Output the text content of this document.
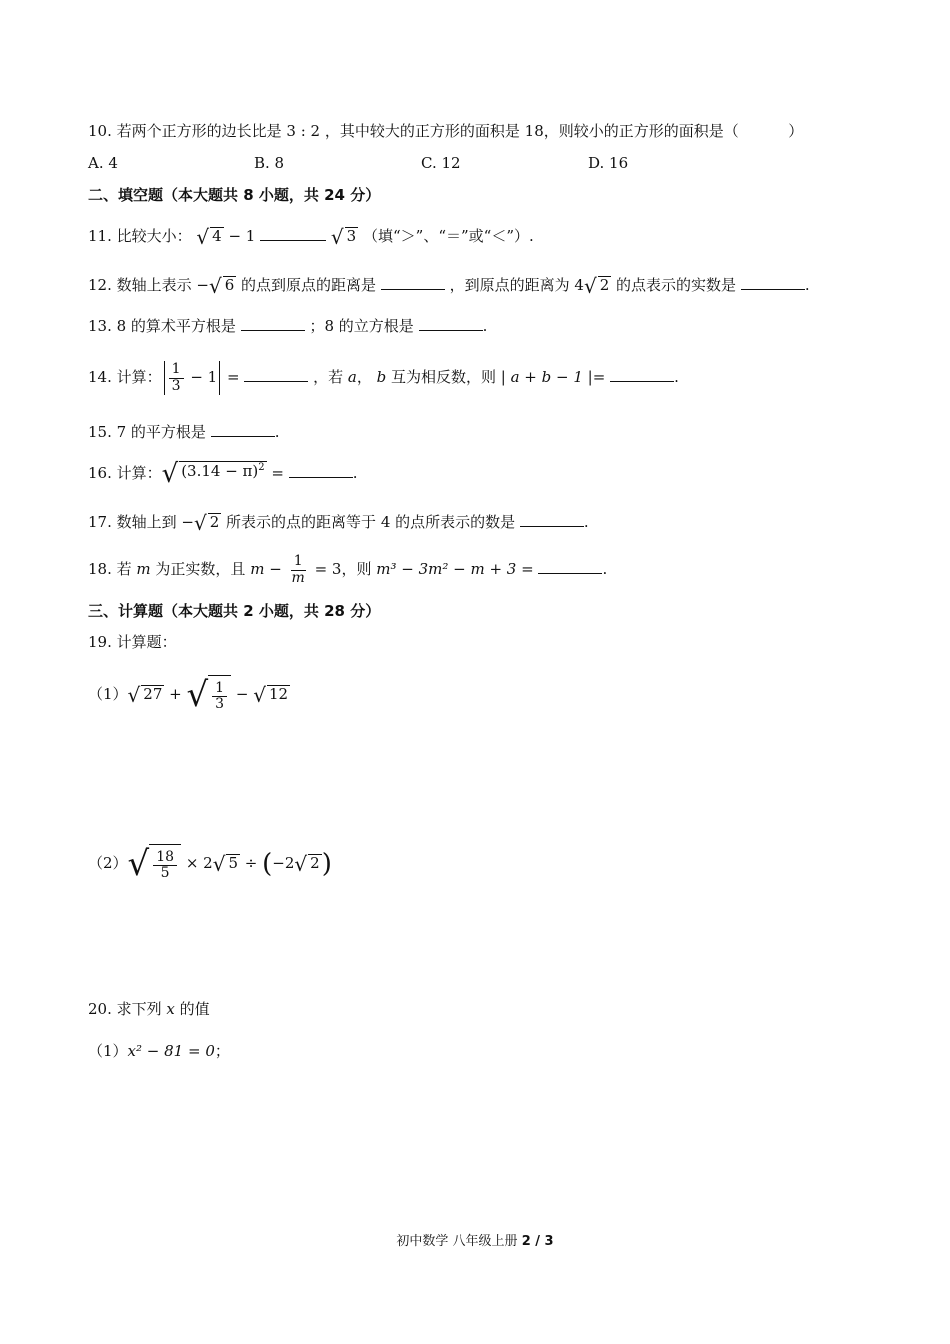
10. 若两个正方形的边长比是 3 : 2 ，其中较大的正方形的面积是 18，则较小的正方形的面积是（	）
A. 4	B. 8	C. 12	D. 16
二、填空题（本大题共 8 小题，共 24 分）
11. 比较大小： √ 4 − 1	√ 3 （填“＞”、“＝”或“＜”）.
12. 数轴上表示 − √ 6 的点到原点的距离是	，到原点的距离为 4 √ 2 的点表示的实数是	.
13. 8 的算术平方根是	；8 的立方根是	.
14. 计算： $\frac{1}{3} - 1$ =	，若 a， b 互为相反数，则 | a + b − 1 |=	.
15. 7 的平方根是	.
16. 计算： √ $(3.14 - \pi)^2$ =	.
17. 数轴上到 − √ 2 所表示的点的距离等于 4 的点所表示的数是	.
18. 若 m 为正实数，且 $m - \frac{1}{m} = 3$，则 m³ − 3m² − m + 3 =	.
三、计算题（本大题共 2 小题，共 28 分）
19. 计算题：
（1） √ 27 + √ $\frac{1}{3}$ − √ 12
（2） √ $\frac{18}{5} \times 2$ √ 5 ÷ (−2 √ 2 )
20. 求下列 x 的值
（1）x² − 81 = 0；
初中数学 八年级上册 2 / 3
